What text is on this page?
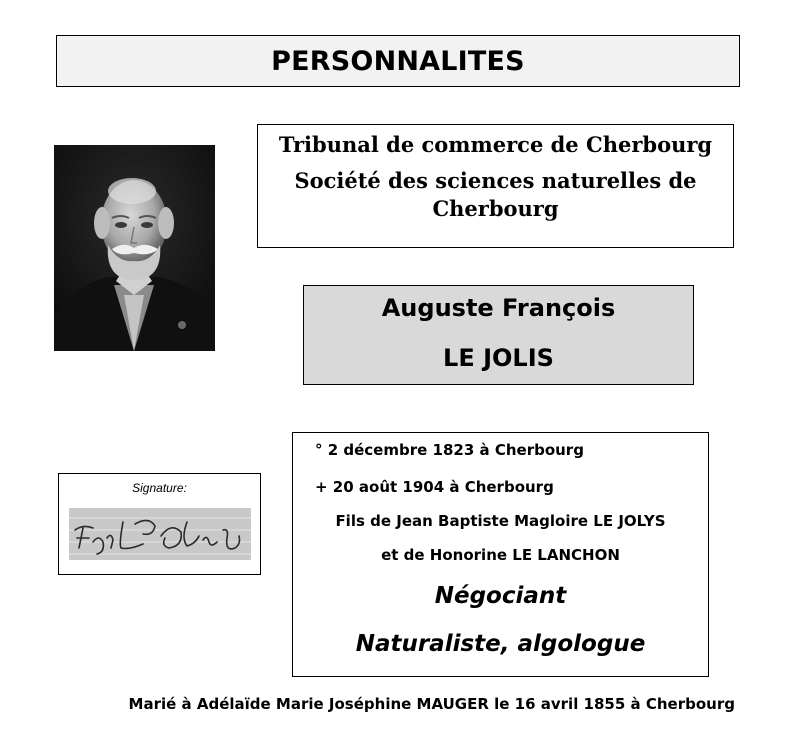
PERSONNALITES
Tribunal de commerce de Cherbourg
Société des sciences naturelles de
Cherbourg
Auguste François
LE JOLIS
Signature:
° 2 décembre 1823 à Cherbourg
+ 20 août 1904 à Cherbourg
Fils de Jean Baptiste Magloire LE JOLYS
et de Honorine LE LANCHON
Négociant
Naturaliste, algologue
Marié à Adélaïde Marie Joséphine MAUGER le 16 avril 1855 à Cherbourg
